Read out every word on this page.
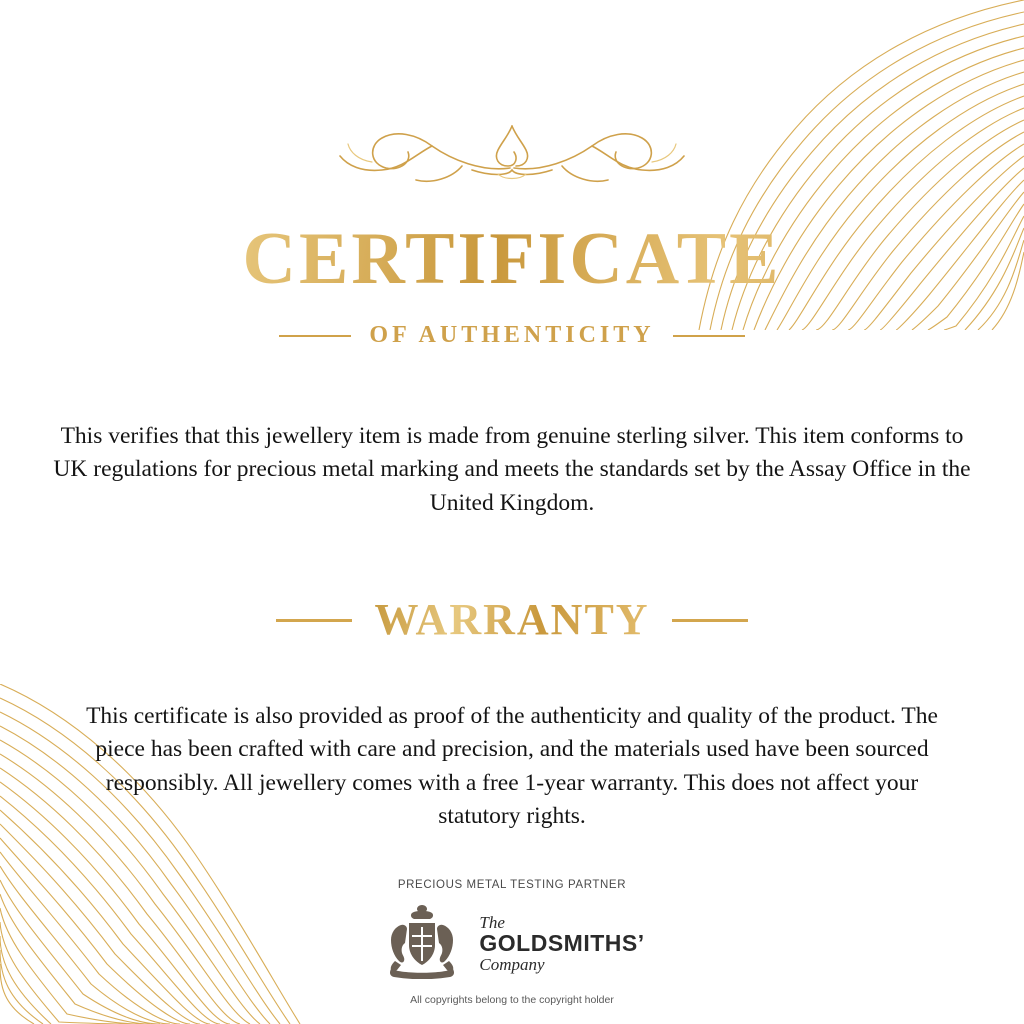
CERTIFICATE
OF AUTHENTICITY
This verifies that this jewellery item is made from genuine sterling silver. This item conforms to UK regulations for precious metal marking and meets the standards set by the Assay Office in the United Kingdom.
WARRANTY
This certificate is also provided as proof of the authenticity and quality of the product. The piece has been crafted with care and precision, and the materials used have been sourced responsibly. All jewellery comes with a free 1-year warranty. This does not affect your statutory rights.
PRECIOUS METAL TESTING PARTNER
The
GOLDSMITHS’
Company
All copyrights belong to the copyright holder
